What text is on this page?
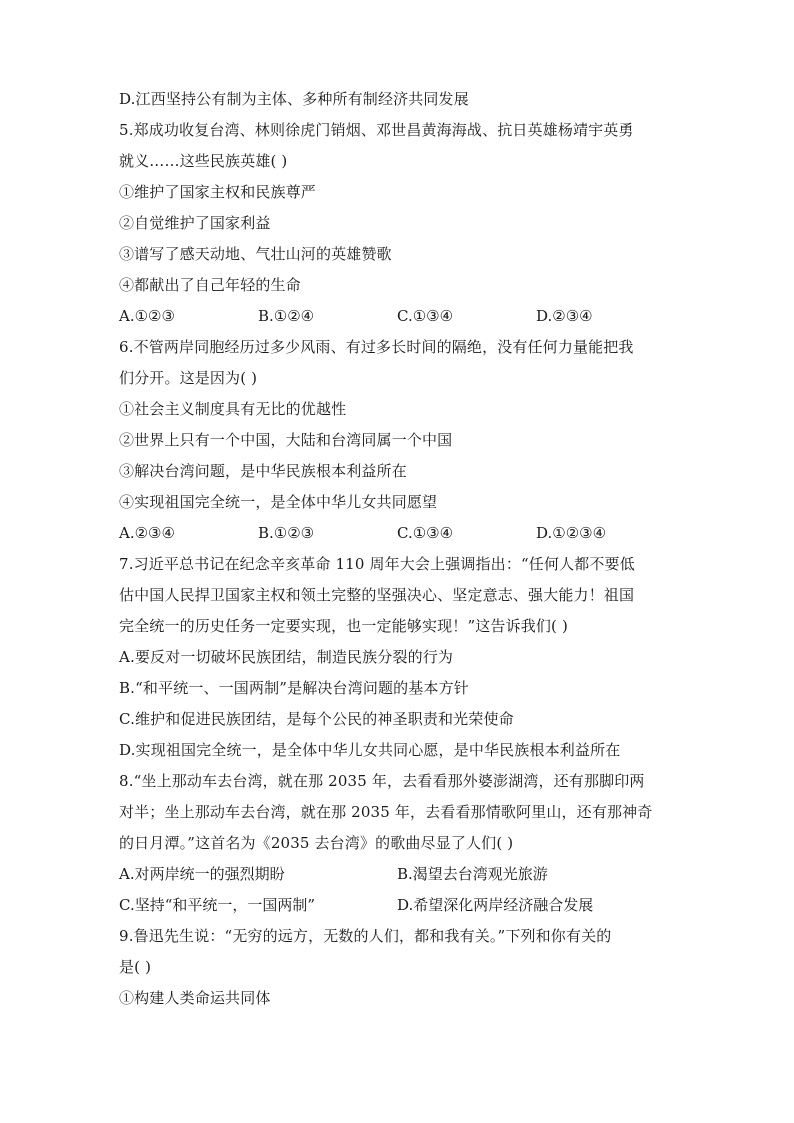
D.江西坚持公有制为主体、多种所有制经济共同发展
5.郑成功收复台湾、林则徐虎门销烟、邓世昌黄海海战、抗日英雄杨靖宇英勇
就义……这些民族英雄( )
①维护了国家主权和民族尊严
②自觉维护了国家利益
③谱写了感天动地、气壮山河的英雄赞歌
④都献出了自己年轻的生命
A.①②③	B.①②④	C.①③④	D.②③④
6.不管两岸同胞经历过多少风雨、有过多长时间的隔绝，没有任何力量能把我
们分开。这是因为( )
①社会主义制度具有无比的优越性
②世界上只有一个中国，大陆和台湾同属一个中国
③解决台湾问题，是中华民族根本利益所在
④实现祖国完全统一，是全体中华儿女共同愿望
A.②③④	B.①②③	C.①③④	D.①②③④
7.习近平总书记在纪念辛亥革命 110 周年大会上强调指出：“任何人都不要低
估中国人民捍卫国家主权和领土完整的坚强决心、坚定意志、强大能力！祖国
完全统一的历史任务一定要实现，也一定能够实现！”这告诉我们( )
A.要反对一切破坏民族团结，制造民族分裂的行为
B.“和平统一、一国两制”是解决台湾问题的基本方针
C.维护和促进民族团结，是每个公民的神圣职责和光荣使命
D.实现祖国完全统一，是全体中华儿女共同心愿，是中华民族根本利益所在
8.“坐上那动车去台湾，就在那 2035 年，去看看那外婆澎湖湾，还有那脚印两
对半；坐上那动车去台湾，就在那 2035 年，去看看那情歌阿里山，还有那神奇
的日月潭。”这首名为《2035 去台湾》的歌曲尽显了人们( )
A.对两岸统一的强烈期盼	B.渴望去台湾观光旅游
C.坚持“和平统一，一国两制”	D.希望深化两岸经济融合发展
9.鲁迅先生说：“无穷的远方，无数的人们，都和我有关。”下列和你有关的
是( )
①构建人类命运共同体
